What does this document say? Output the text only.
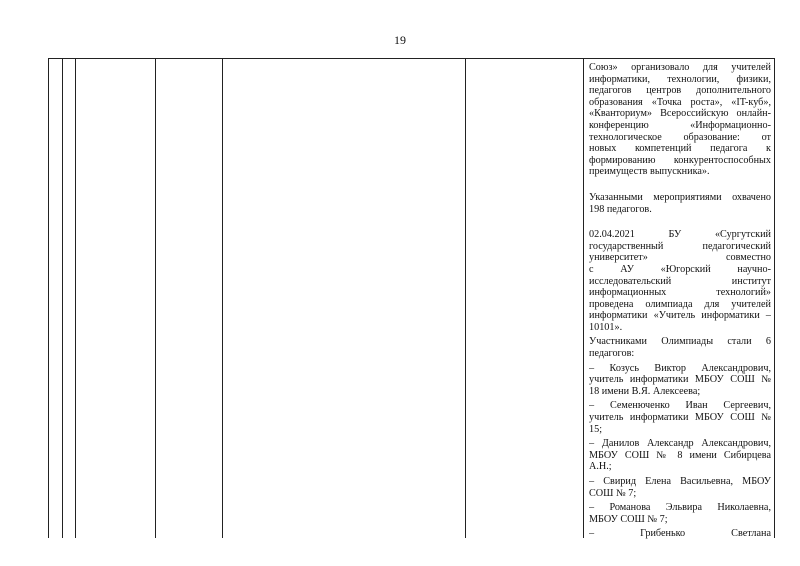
19
Союз» организовало для учителей
информатики, технологии, физики,
педагогов центров дополнительного
образования «Точка роста», «IT-куб»,
«Кванториум» Всероссийскую онлайн-
конференцию «Информационно-
технологическое образование: от
новых компетенций педагога к
формированию конкурентоспособных
преимуществ выпускника».
Указанными мероприятиями охвачено
198 педагогов.
02.04.2021 БУ «Сургутский
государственный педагогический
университет» совместно
с АУ «Югорский научно-
исследовательский институт
информационных технологий»
проведена олимпиада для учителей
информатики «Учитель информатики –
10101».
Участниками Олимпиады стали 6
педагогов:
– Козусь Виктор Александрович,
учитель информатики МБОУ СОШ №
18 имени В.Я. Алексеева;
– Семенюченко Иван Сергеевич,
учитель информатики МБОУ СОШ №
15;
– Данилов Александр Александрович,
МБОУ СОШ № 8 имени Сибирцева
А.Н.;
– Свирид Елена Васильевна, МБОУ
СОШ № 7;
– Романова Эльвира Николаевна,
МБОУ СОШ № 7;
– Грибенько Светлана
